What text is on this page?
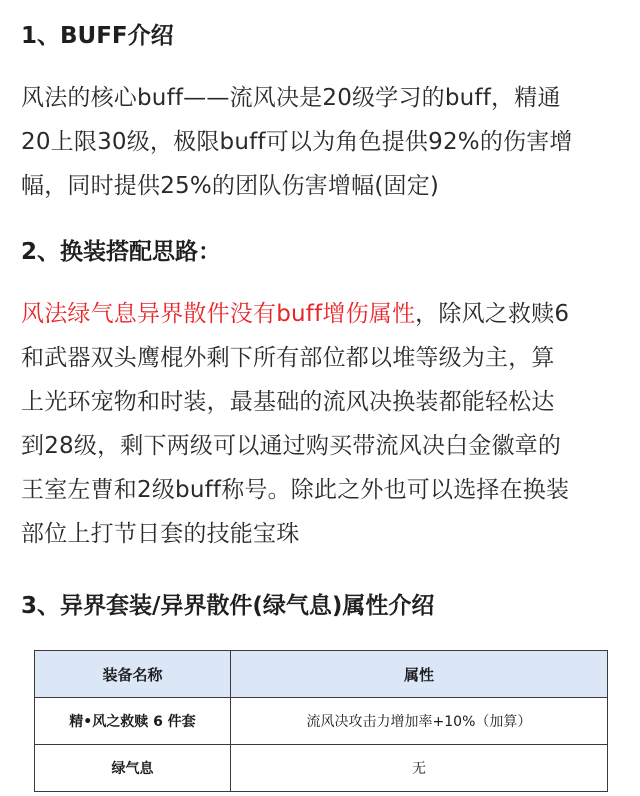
1、BUFF介绍
风法的核心buff——流风决是20级学习的buff，精通
20上限30级，极限buff可以为角色提供92%的伤害增
幅，同时提供25%的团队伤害增幅(固定)
2、换装搭配思路：
风法绿气息异界散件没有buff增伤属性，除风之救赎6
和武器双头鹰棍外剩下所有部位都以堆等级为主，算
上光环宠物和时装，最基础的流风决换装都能轻松达
到28级，剩下两级可以通过购买带流风决白金徽章的
王室左曹和2级buff称号。除此之外也可以选择在换装
部位上打节日套的技能宝珠
3、异界套装/异界散件(绿气息)属性介绍
装备名称	属性
精•风之救赎 6 件套	流风决攻击力增加率+10%（加算）
绿气息	无
